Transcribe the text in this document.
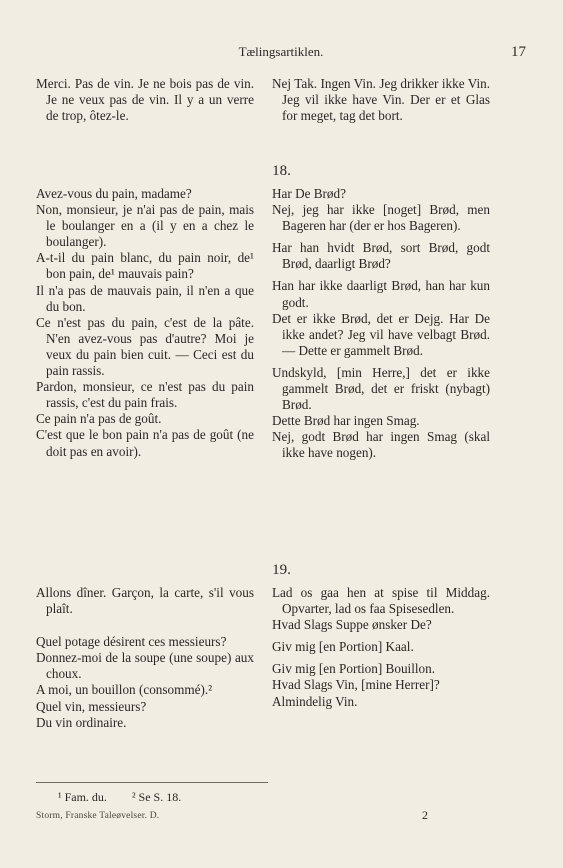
Tælingsartiklen.	17
Merci. Pas de vin. Je ne bois pas de vin. Je ne veux pas de vin. Il y a un verre de trop, ôtez-le.
Nej Tak. Ingen Vin. Jeg drikker ikke Vin. Jeg vil ikke have Vin. Der er et Glas for meget, tag det bort.
18.
Avez-vous du pain, madame?
Non, monsieur, je n'ai pas de pain, mais le boulanger en a (il y en a chez le boulanger).
A-t-il du pain blanc, du pain noir, de¹ bon pain, de¹ mauvais pain?
Il n'a pas de mauvais pain, il n'en a que du bon.
Ce n'est pas du pain, c'est de la pâte. N'en avez-vous pas d'autre? Moi je veux du pain bien cuit. — Ceci est du pain rassis.
Pardon, monsieur, ce n'est pas du pain rassis, c'est du pain frais.
Ce pain n'a pas de goût.
C'est que le bon pain n'a pas de goût (ne doit pas en avoir).
Har De Brød?
Nej, jeg har ikke [noget] Brød, men Bageren har (der er hos Bageren).
Har han hvidt Brød, sort Brød, godt Brød, daarligt Brød?
Han har ikke daarligt Brød, han har kun godt.
Det er ikke Brød, det er Dejg. Har De ikke andet? Jeg vil have velbagt Brød. — Dette er gammelt Brød.
Undskyld, [min Herre,] det er ikke gammelt Brød, det er friskt (nybagt) Brød.
Dette Brød har ingen Smag.
Nej, godt Brød har ingen Smag (skal ikke have nogen).
19.
Allons dîner. Garçon, la carte, s'il vous plaît.
Quel potage désirent ces messieurs?
Donnez-moi de la soupe (une soupe) aux choux.
A moi, un bouillon (consommé).²
Quel vin, messieurs?
Du vin ordinaire.
Lad os gaa hen at spise til Middag. Opvarter, lad os faa Spisesedlen.
Hvad Slags Suppe ønsker De?
Giv mig [en Portion] Kaal.
Giv mig [en Portion] Bouillon.
Hvad Slags Vin, [mine Herrer]?
Almindelig Vin.
¹ Fam. du. ² Se S. 18.
Storm, Franske Taleøvelser. D.	2
